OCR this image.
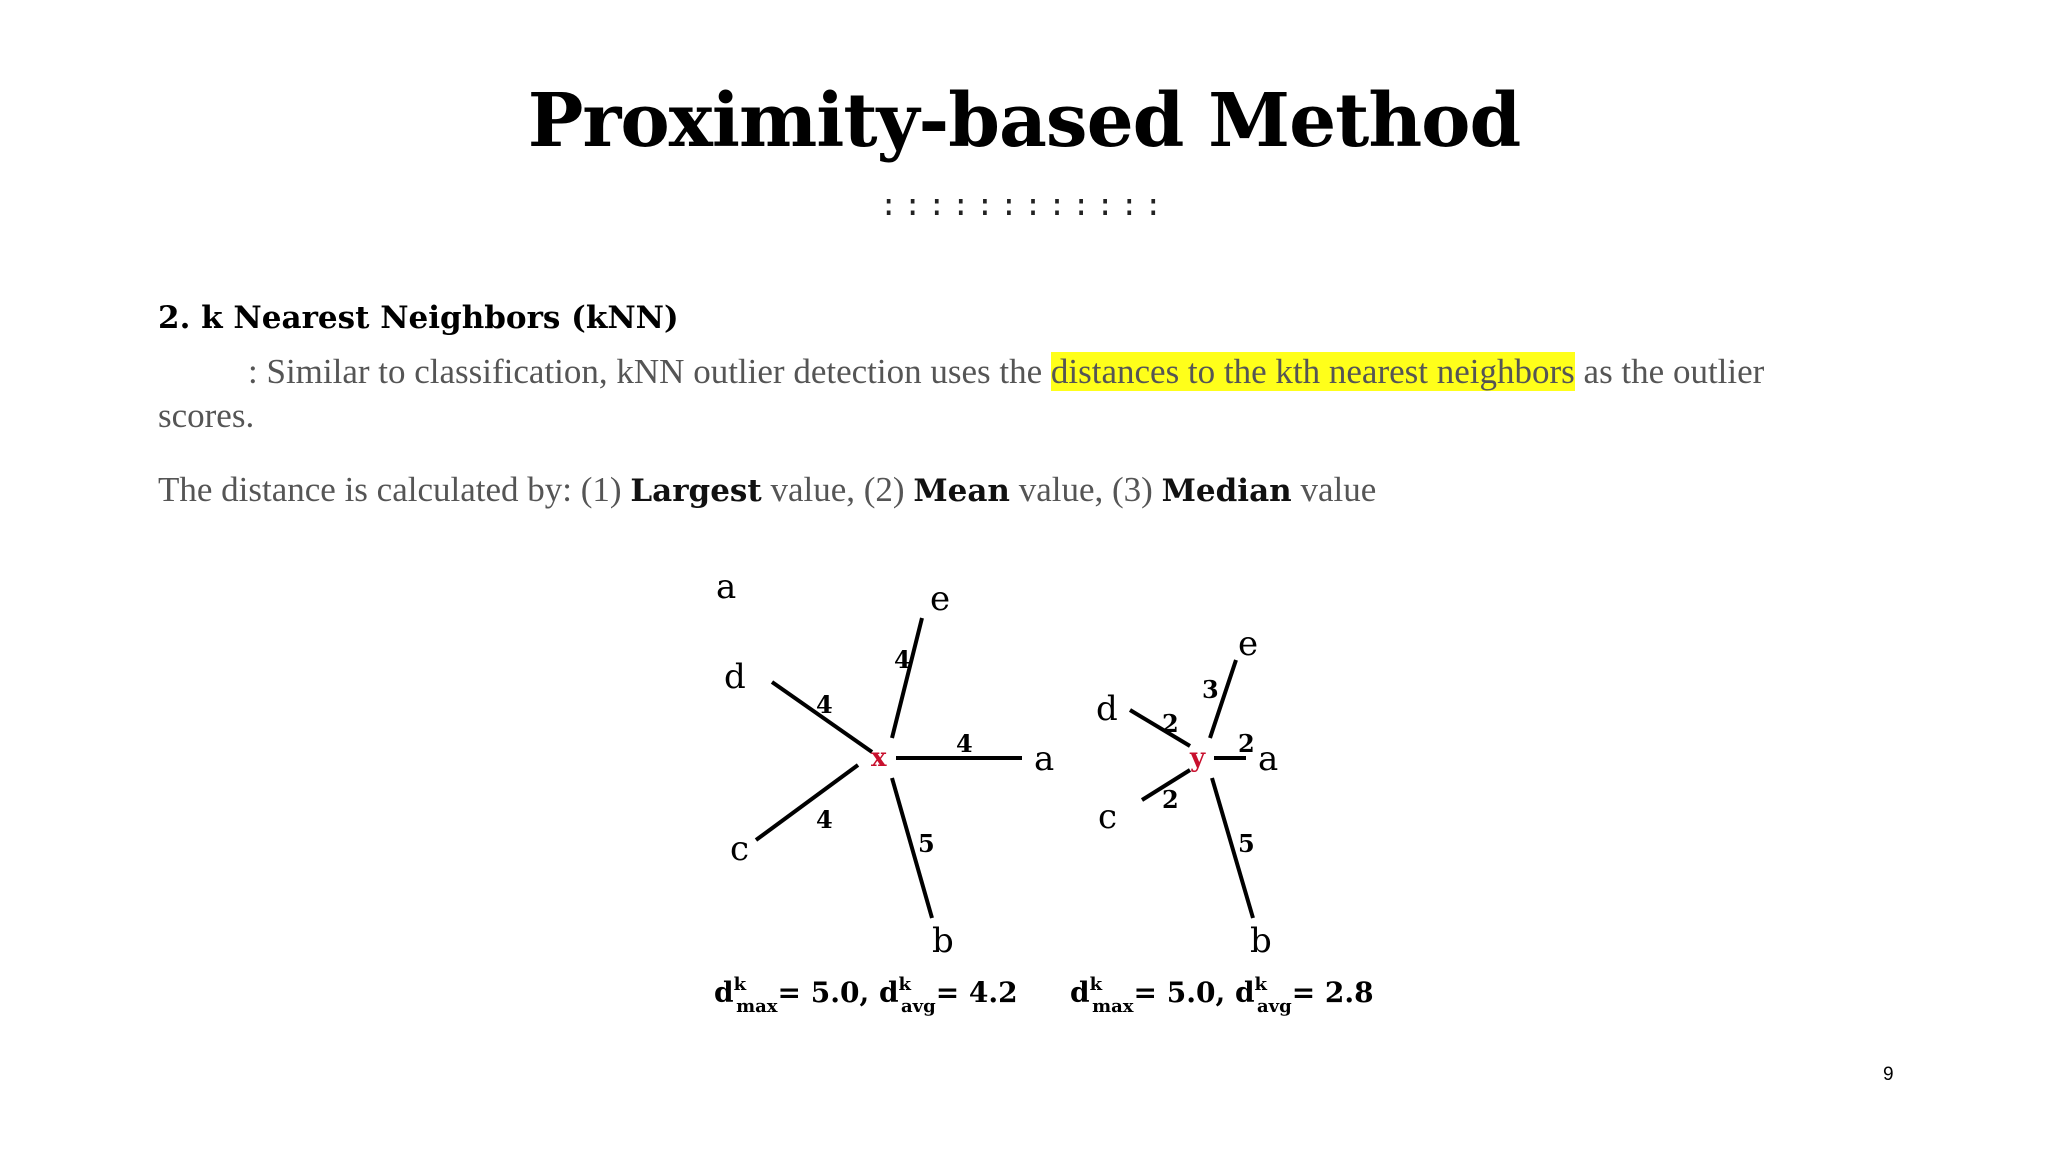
Proximity-based Method
::::::::::::
2. k Nearest Neighbors (kNN)
: Similar to classification, kNN outlier detection uses the distances to the kth nearest neighbors as the outlier scores.
The distance is calculated by: (1) Largest value, (2) Mean value, (3) Median value
a	e
d
a
c
b
x
4
4
4
4
5
e
d
a
c
b
y
3
2
2
2
5
$d^k$ max= 5.0, $d^k$ avg= 4.2 $d^k$ max= 5.0, $d^k$ avg= 2.8
9
